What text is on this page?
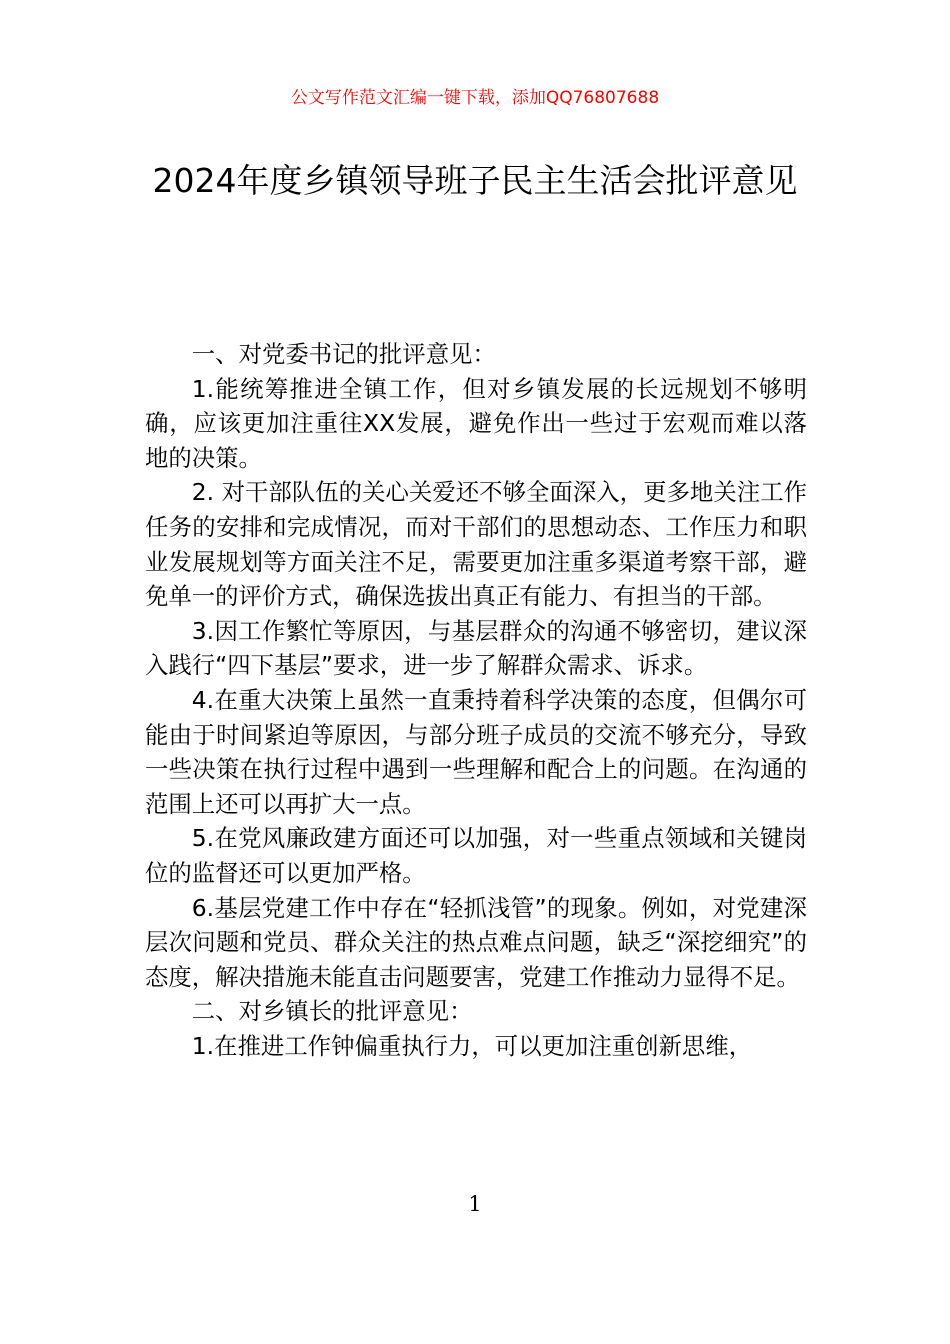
公文写作范文汇编一键下载，添加QQ76807688
2024年度乡镇领导班子民主生活会批评意见

一、对党委书记的批评意见：

1.能统筹推进全镇工作，但对乡镇发展的长远规划不够明确，应该更加注重往XX发展，避免作出一些过于宏观而难以落地的决策。

2. 对干部队伍的关心关爱还不够全面深入，更多地关注工作任务的安排和完成情况，而对干部们的思想动态、工作压力和职业发展规划等方面关注不足，需要更加注重多渠道考察干部，避免单一的评价方式，确保选拔出真正有能力、有担当的干部。

3.因工作繁忙等原因，与基层群众的沟通不够密切，建议深入践行“四下基层”要求，进一步了解群众需求、诉求。

4.在重大决策上虽然一直秉持着科学决策的态度，但偶尔可能由于时间紧迫等原因，与部分班子成员的交流不够充分，导致一些决策在执行过程中遇到一些理解和配合上的问题。在沟通的范围上还可以再扩大一点。

5.在党风廉政建方面还可以加强，对一些重点领域和关键岗位的监督还可以更加严格。

6.基层党建工作中存在“轻抓浅管”的现象。例如，对党建深层次问题和党员、群众关注的热点难点问题，缺乏“深挖细究”的态度，解决措施未能直击问题要害，党建工作推动力显得不足。

二、对乡镇长的批评意见：

1.在推进工作钟偏重执行力，可以更加注重创新思维，

1
